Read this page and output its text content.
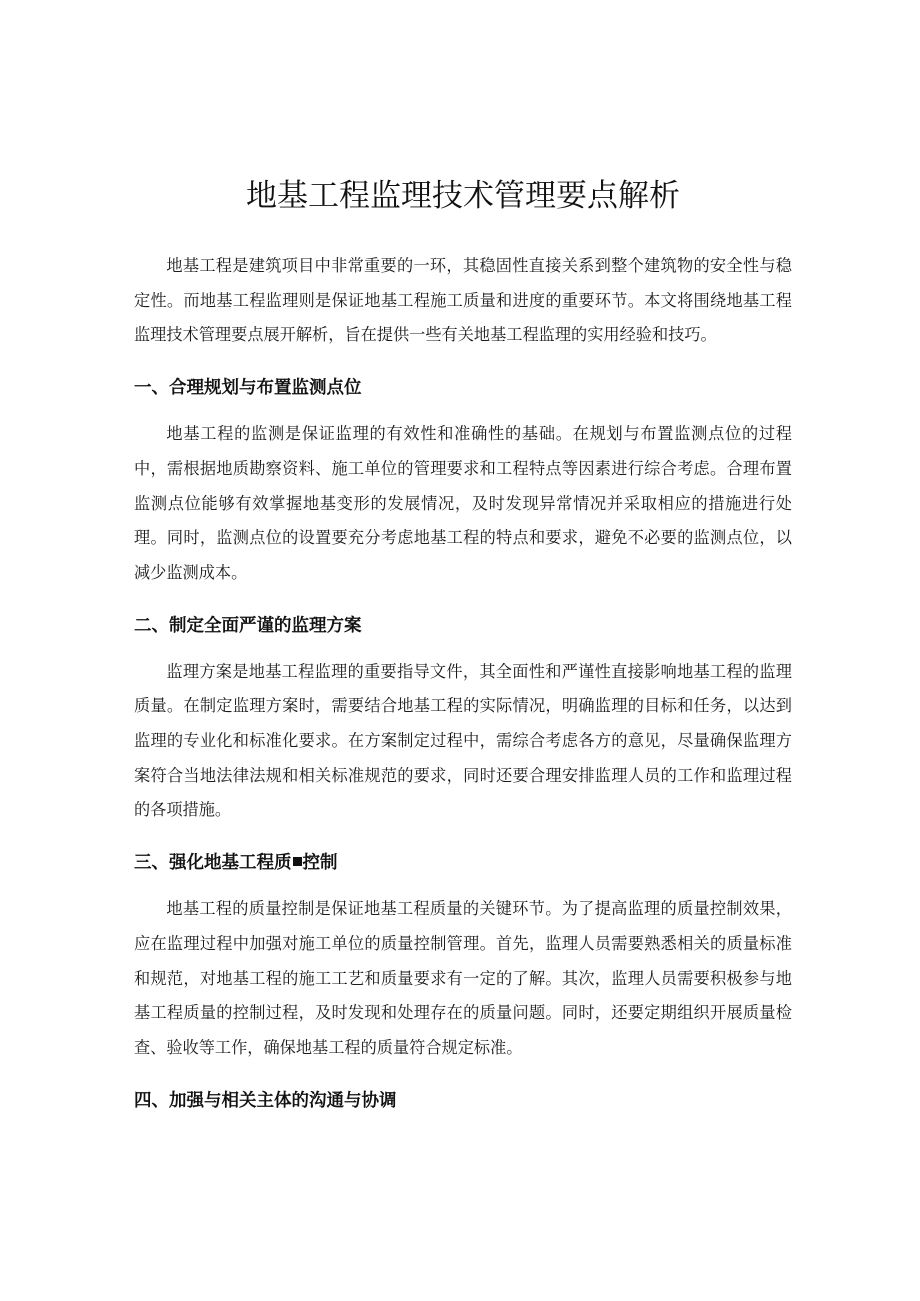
地基工程监理技术管理要点解析

地基工程是建筑项目中非常重要的一环，其稳固性直接关系到整个建筑物的安全性与稳定性。而地基工程监理则是保证地基工程施工质量和进度的重要环节。本文将围绕地基工程监理技术管理要点展开解析，旨在提供一些有关地基工程监理的实用经验和技巧。

一、合理规划与布置监测点位

地基工程的监测是保证监理的有效性和准确性的基础。在规划与布置监测点位的过程中，需根据地质勘察资料、施工单位的管理要求和工程特点等因素进行综合考虑。合理布置监测点位能够有效掌握地基变形的发展情况，及时发现异常情况并采取相应的措施进行处理。同时，监测点位的设置要充分考虑地基工程的特点和要求，避免不必要的监测点位，以减少监测成本。

二、制定全面严谨的监理方案

监理方案是地基工程监理的重要指导文件，其全面性和严谨性直接影响地基工程的监理质量。在制定监理方案时，需要结合地基工程的实际情况，明确监理的目标和任务，以达到监理的专业化和标准化要求。在方案制定过程中，需综合考虑各方的意见，尽量确保监理方案符合当地法律法规和相关标准规范的要求，同时还要合理安排监理人员的工作和监理过程的各项措施。

三、强化地基工程质 控制

地基工程的质量控制是保证地基工程质量的关键环节。为了提高监理的质量控制效果，应在监理过程中加强对施工单位的质量控制管理。首先，监理人员需要熟悉相关的质量标准和规范，对地基工程的施工工艺和质量要求有一定的了解。其次，监理人员需要积极参与地基工程质量的控制过程，及时发现和处理存在的质量问题。同时，还要定期组织开展质量检查、验收等工作，确保地基工程的质量符合规定标准。

四、加强与相关主体的沟通与协调
